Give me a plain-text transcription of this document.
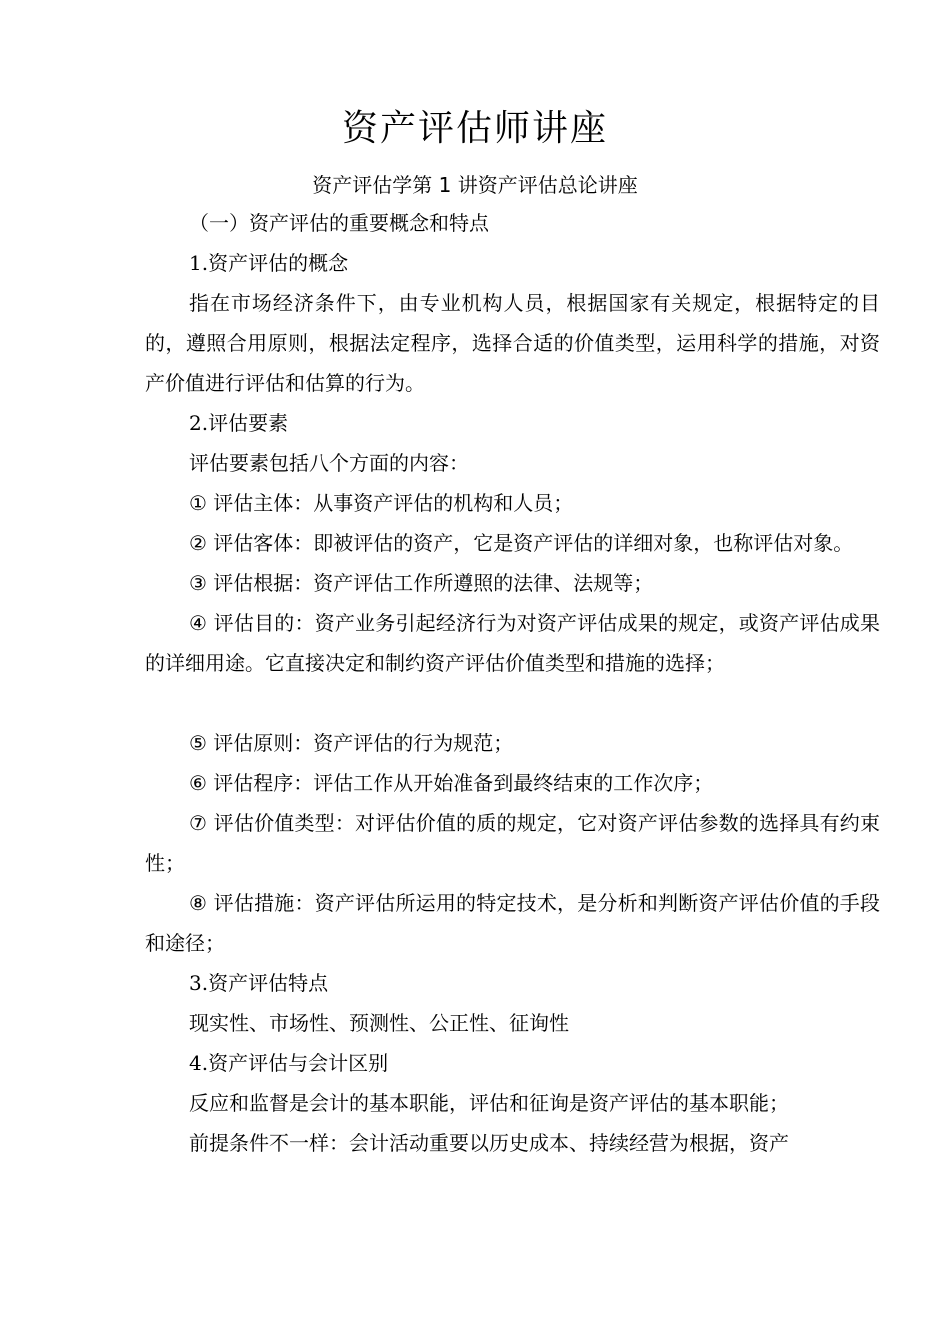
资产评估师讲座
资产评估学第 1 讲资产评估总论讲座

（一）资产评估的重要概念和特点

1.资产评估的概念

指在市场经济条件下，由专业机构人员，根据国家有关规定，根据特定的目的，遵照合用原则，根据法定程序，选择合适的价值类型，运用科学的措施，对资产价值进行评估和估算的行为。

2.评估要素

评估要素包括八个方面的内容：

① 评估主体：从事资产评估的机构和人员；

② 评估客体：即被评估的资产，它是资产评估的详细对象，也称评估对象。

③ 评估根据：资产评估工作所遵照的法律、法规等；

④ 评估目的：资产业务引起经济行为对资产评估成果的规定，或资产评估成果的详细用途。它直接决定和制约资产评估价值类型和措施的选择；

⑤ 评估原则：资产评估的行为规范；

⑥ 评估程序：评估工作从开始准备到最终结束的工作次序；

⑦ 评估价值类型：对评估价值的质的规定，它对资产评估参数的选择具有约束性；

⑧ 评估措施：资产评估所运用的特定技术，是分析和判断资产评估价值的手段和途径；

3.资产评估特点

现实性、市场性、预测性、公正性、征询性

4.资产评估与会计区别

反应和监督是会计的基本职能，评估和征询是资产评估的基本职能；

前提条件不一样：会计活动重要以历史成本、持续经营为根据，资产
